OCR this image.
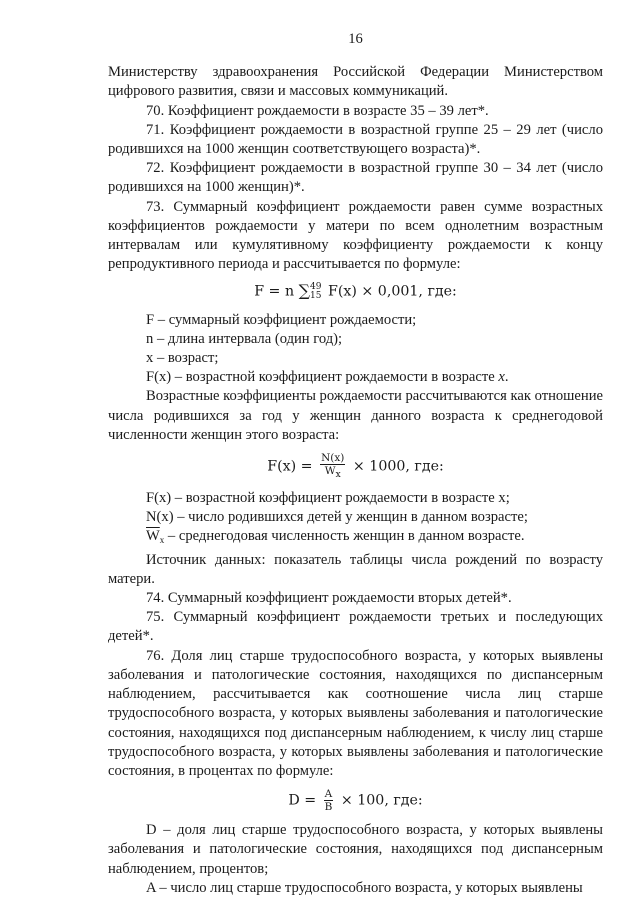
16

Министерству здравоохранения Российской Федерации Министерством цифрового развития, связи и массовых коммуникаций.

70. Коэффициент рождаемости в возрасте 35 – 39 лет*.

71. Коэффициент рождаемости в возрастной группе 25 – 29 лет (число родившихся на 1000 женщин соответствующего возраста)*.

72. Коэффициент рождаемости в возрастной группе 30 – 34 лет (число родившихся на 1000 женщин)*.

73. Суммарный коэффициент рождаемости равен сумме возрастных коэффициентов рождаемости у матери по всем однолетним возрастным интервалам или кумулятивному коэффициенту рождаемости к концу репродуктивного периода и рассчитывается по формуле:

F = n ∑ 49
15 F(x) × 0,001, где:

F – суммарный коэффициент рождаемости;

n – длина интервала (один год);

x – возраст;

F(x) – возрастной коэффициент рождаемости в возрасте x.

Возрастные коэффициенты рождаемости рассчитываются как отношение числа родившихся за год у женщин данного возраста к среднегодовой численности женщин этого возраста:

$F(x) = \frac{N(x)}{\overline{W}x} \times 1000$, где:

F(x) – возрастной коэффициент рождаемости в возрасте x;

N(x) – число родившихся детей у женщин в данном возрасте;

$\overline{W}_x$ – среднегодовая численность женщин в данном возрасте.

Источник данных: показатель таблицы числа рождений по возрасту матери.

74. Суммарный коэффициент рождаемости вторых детей*.

75. Суммарный коэффициент рождаемости третьих и последующих детей*.

76. Доля лиц старше трудоспособного возраста, у которых выявлены заболевания и патологические состояния, находящихся по диспансерным наблюдением, рассчитывается как соотношение числа лиц старше трудоспособного возраста, у которых выявлены заболевания и патологические состояния, находящихся под диспансерным наблюдением, к числу лиц старше трудоспособного возраста, у которых выявлены заболевания и патологические состояния, в процентах по формуле:

$D = \frac{A}{B} \times 100$, где:

D – доля лиц старше трудоспособного возраста, у которых выявлены заболевания и патологические состояния, находящихся под диспансерным наблюдением, процентов;

A – число лиц старше трудоспособного возраста, у которых выявлены
